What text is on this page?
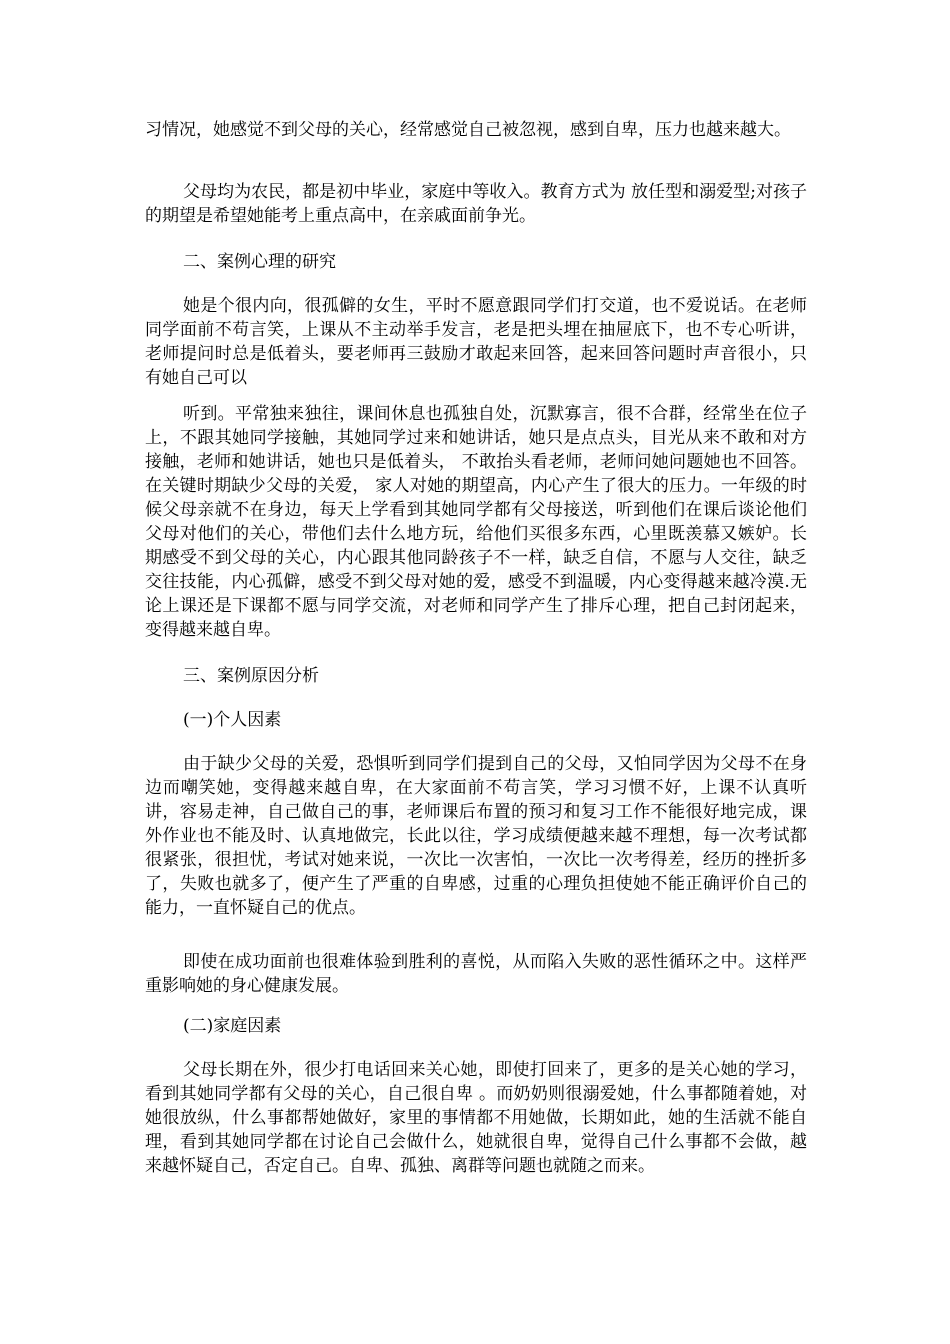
习情况，她感觉不到父母的关心，经常感觉自己被忽视，感到自卑，压力也越来越大。

父母均为农民，都是初中毕业，家庭中等收入。教育方式为 放任型和溺爱型;对孩子的期望是希望她能考上重点高中，在亲戚面前争光。

二、案例心理的研究

她是个很内向，很孤僻的女生，平时不愿意跟同学们打交道，也不爱说话。在老师同学面前不苟言笑，上课从不主动举手发言，老是把头埋在抽屉底下，也不专心听讲，老师提问时总是低着头，要老师再三鼓励才敢起来回答，起来回答问题时声音很小，只有她自己可以

听到。平常独来独往，课间休息也孤独自处，沉默寡言，很不合群，经常坐在位子上，不跟其她同学接触，其她同学过来和她讲话，她只是点点头，目光从来不敢和对方接触，老师和她讲话，她也只是低着头， 不敢抬头看老师，老师问她问题她也不回答。在关键时期缺少父母的关爱， 家人对她的期望高，内心产生了很大的压力。一年级的时候父母亲就不在身边，每天上学看到其她同学都有父母接送，听到他们在课后谈论他们父母对他们的关心，带他们去什么地方玩，给他们买很多东西，心里既羡慕又嫉妒。长期感受不到父母的关心，内心跟其他同龄孩子不一样，缺乏自信，不愿与人交往，缺乏交往技能，内心孤僻，感受不到父母对她的爱，感受不到温暖，内心变得越来越冷漠.无论上课还是下课都不愿与同学交流，对老师和同学产生了排斥心理，把自己封闭起来，变得越来越自卑。

三、案例原因分析

(一)个人因素

由于缺少父母的关爱，恐惧听到同学们提到自己的父母，又怕同学因为父母不在身边而嘲笑她，变得越来越自卑，在大家面前不苟言笑，学习习惯不好，上课不认真听讲，容易走神，自己做自己的事，老师课后布置的预习和复习工作不能很好地完成，课外作业也不能及时、认真地做完，长此以往，学习成绩便越来越不理想，每一次考试都很紧张，很担忧，考试对她来说，一次比一次害怕，一次比一次考得差，经历的挫折多了，失败也就多了，便产生了严重的自卑感，过重的心理负担使她不能正确评价自己的能力，一直怀疑自己的优点。

即使在成功面前也很难体验到胜利的喜悦，从而陷入失败的恶性循环之中。这样严重影响她的身心健康发展。

(二)家庭因素

父母长期在外，很少打电话回来关心她，即使打回来了，更多的是关心她的学习，看到其她同学都有父母的关心，自己很自卑 。而奶奶则很溺爱她，什么事都随着她，对她很放纵，什么事都帮她做好，家里的事情都不用她做，长期如此，她的生活就不能自理，看到其她同学都在讨论自己会做什么，她就很自卑，觉得自己什么事都不会做，越来越怀疑自己，否定自己。自卑、孤独、离群等问题也就随之而来。
